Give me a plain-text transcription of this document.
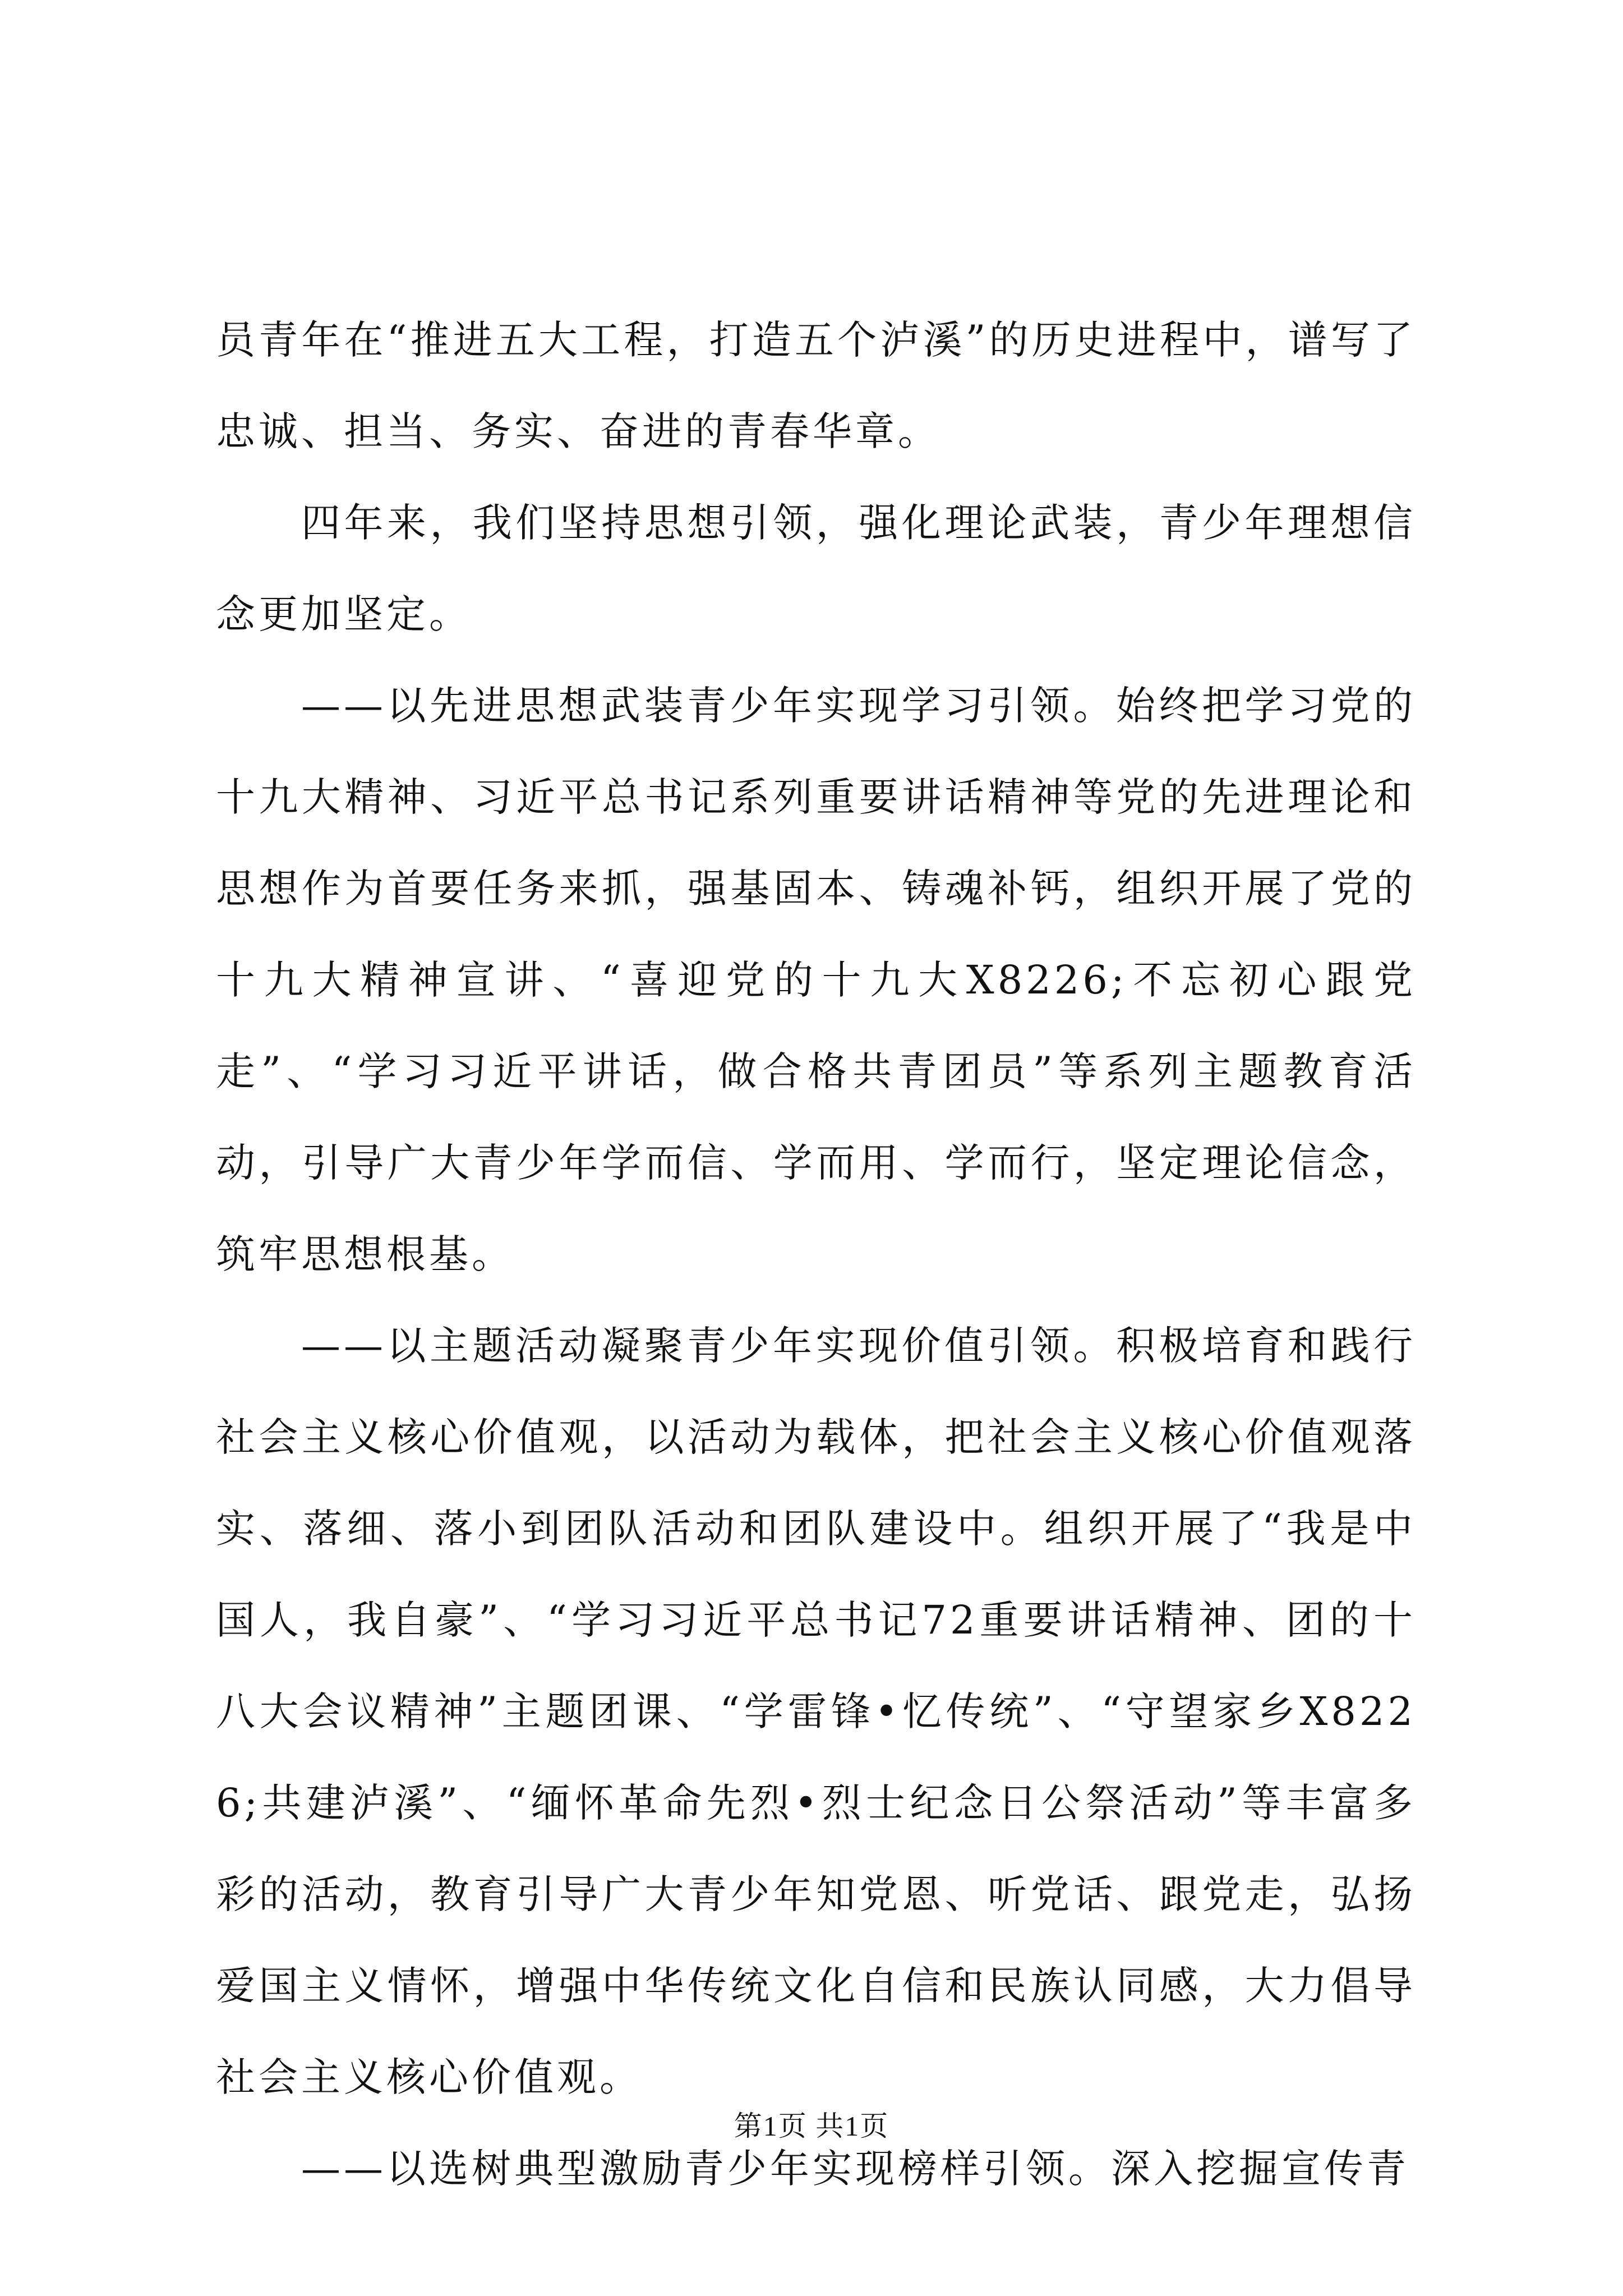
员青年在“推进五大工程，打造五个泸溪”的历史进程中，谱写了忠诚、担当、务实、奋进的青春华章。

四年来，我们坚持思想引领，强化理论武装，青少年理想信念更加坚定。

——以先进思想武装青少年实现学习引领。始终把学习党的十九大精神、习近平总书记系列重要讲话精神等党的先进理论和思想作为首要任务来抓，强基固本、铸魂补钙，组织开展了党的十九大精神宣讲、“喜迎党的十九大X8226;不忘初心跟党走”、“学习习近平讲话，做合格共青团员”等系列主题教育活动，引导广大青少年学而信、学而用、学而行，坚定理论信念，筑牢思想根基。

——以主题活动凝聚青少年实现价值引领。积极培育和践行社会主义核心价值观，以活动为载体，把社会主义核心价值观落实、落细、落小到团队活动和团队建设中。组织开展了“我是中国人，我自豪”、“学习习近平总书记72重要讲话精神、团的十八大会议精神”主题团课、“学雷锋•忆传统”、“守望家乡X8226;共建泸溪”、“缅怀革命先烈•烈士纪念日公祭活动”等丰富多彩的活动，教育引导广大青少年知党恩、听党话、跟党走，弘扬爱国主义情怀，增强中华传统文化自信和民族认同感，大力倡导社会主义核心价值观。

——以选树典型激励青少年实现榜样引领。深入挖掘宣传青

第1页 共1页
